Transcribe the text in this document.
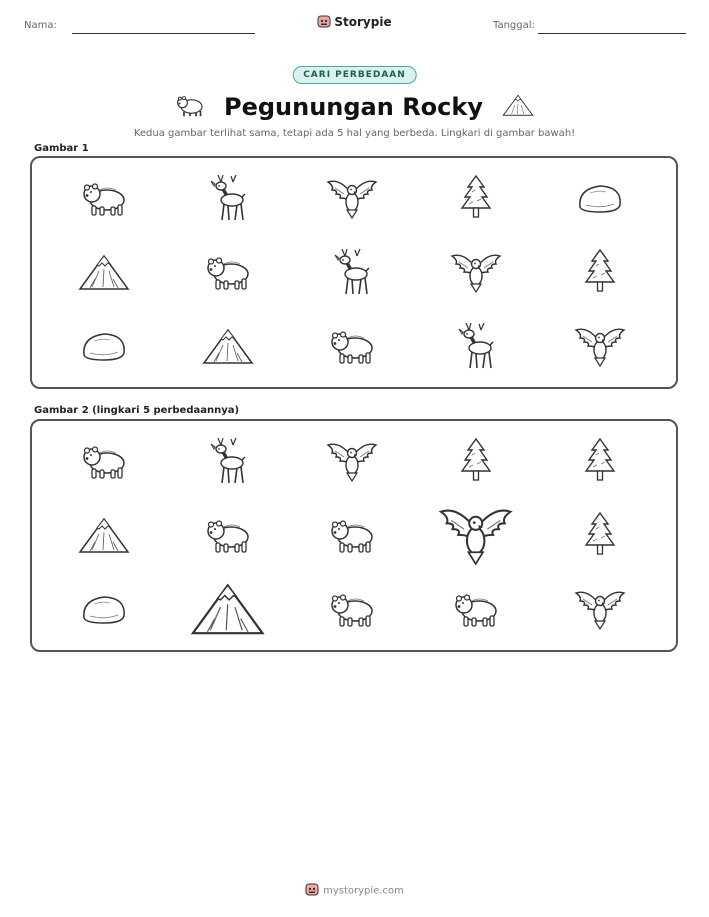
Nama:	Storypie	Tanggal:
CARI PERBEDAAN
Pegunungan Rocky
Kedua gambar terlihat sama, tetapi ada 5 hal yang berbeda. Lingkari di gambar bawah!
Gambar 1
Gambar 2 (lingkari 5 perbedaannya)
mystorypie.com
